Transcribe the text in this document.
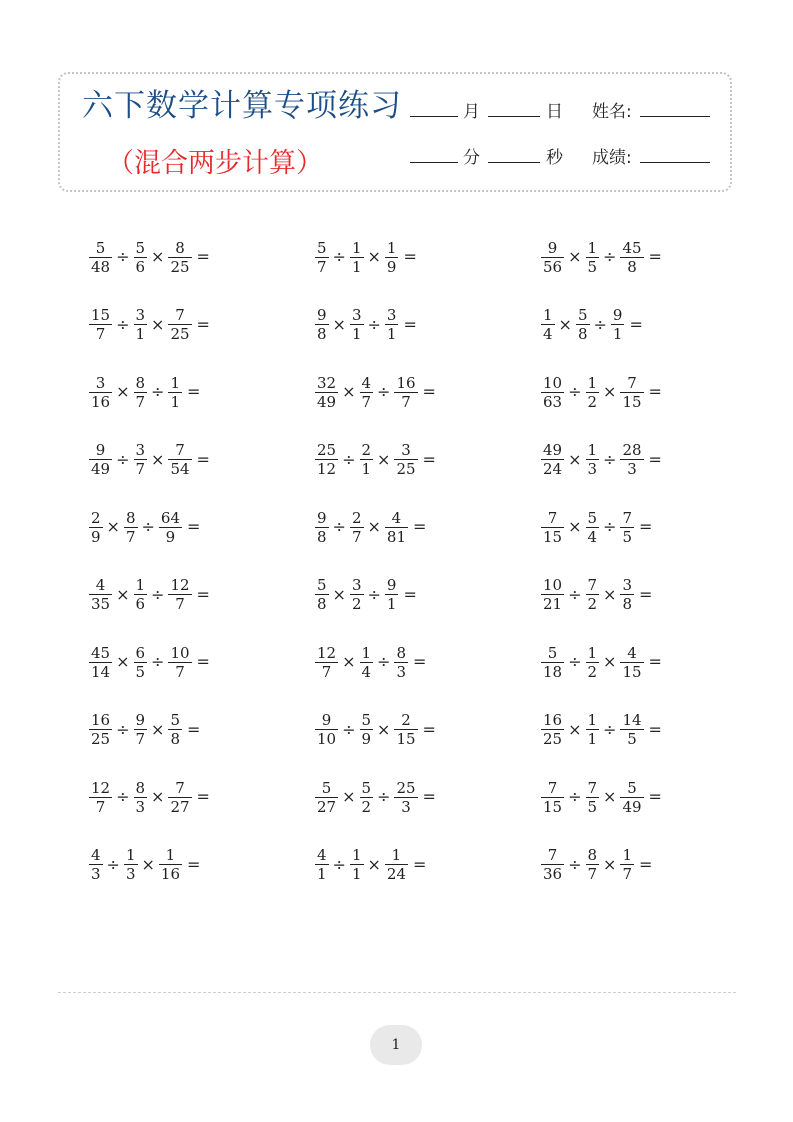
六下数学计算专项练习
（混合两步计算）
月	日 姓名:
分	秒 成绩:
$\frac{5}{48} \div \frac{5}{6} \times \frac{8}{25}$ =	$\frac{5}{7} \div \frac{1}{1} \times \frac{1}{9}$ =	$\frac{9}{56} \times \frac{1}{5} \div \frac{45}{8}$ =
$\frac{15}{7} \div \frac{3}{1} \times \frac{7}{25}$ =	$\frac{9}{8} \times \frac{3}{1} \div \frac{3}{1}$ =	$\frac{1}{4} \times \frac{5}{8} \div \frac{9}{1}$ =
$\frac{3}{16} \times \frac{8}{7} \div \frac{1}{1}$ =	$\frac{32}{49} \times \frac{4}{7} \div \frac{16}{7}$ =	$\frac{10}{63} \div \frac{1}{2} \times \frac{7}{15}$ =
$\frac{9}{49} \div \frac{3}{7} \times \frac{7}{54}$ =	$\frac{25}{12} \div \frac{2}{1} \times \frac{3}{25}$ =	$\frac{49}{24} \times \frac{1}{3} \div \frac{28}{3}$ =
$\frac{2}{9} \times \frac{8}{7} \div \frac{64}{9}$ =	$\frac{9}{8} \div \frac{2}{7} \times \frac{4}{81}$ =	$\frac{7}{15} \times \frac{5}{4} \div \frac{7}{5}$ =
$\frac{4}{35} \times \frac{1}{6} \div \frac{12}{7}$ =	$\frac{5}{8} \times \frac{3}{2} \div \frac{9}{1}$ =	$\frac{10}{21} \div \frac{7}{2} \times \frac{3}{8}$ =
$\frac{45}{14} \times \frac{6}{5} \div \frac{10}{7}$ =	$\frac{12}{7} \times \frac{1}{4} \div \frac{8}{3}$ =	$\frac{5}{18} \div \frac{1}{2} \times \frac{4}{15}$ =
$\frac{16}{25} \div \frac{9}{7} \times \frac{5}{8}$ =	$\frac{9}{10} \div \frac{5}{9} \times \frac{2}{15}$ =	$\frac{16}{25} \times \frac{1}{1} \div \frac{14}{5}$ =
$\frac{12}{7} \div \frac{8}{3} \times \frac{7}{27}$ =	$\frac{5}{27} \times \frac{5}{2} \div \frac{25}{3}$ =	$\frac{7}{15} \div \frac{7}{5} \times \frac{5}{49}$ =
$\frac{4}{3} \div \frac{1}{3} \times \frac{1}{16}$ =	$\frac{4}{1} \div \frac{1}{1} \times \frac{1}{24}$ =	$\frac{7}{36} \div \frac{8}{7} \times \frac{1}{7}$ =
1
